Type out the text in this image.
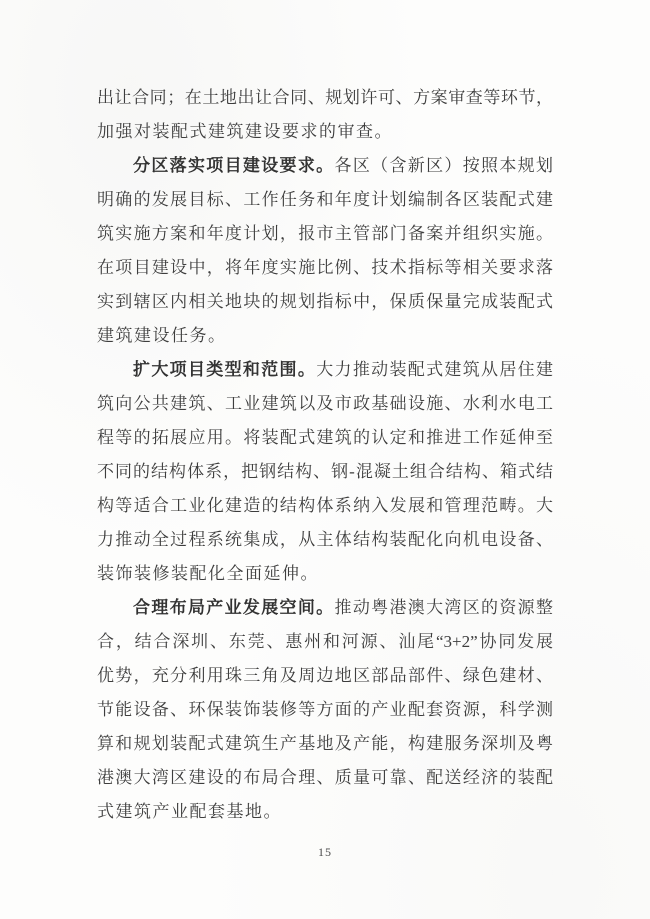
出让合同；在土地出让合同、规划许可、方案审查等环节，
加强对装配式建筑建设要求的审查。
分区落实项目建设要求。各区（含新区）按照本规划
明确的发展目标、工作任务和年度计划编制各区装配式建
筑实施方案和年度计划，报市主管部门备案并组织实施。
在项目建设中，将年度实施比例、技术指标等相关要求落
实到辖区内相关地块的规划指标中，保质保量完成装配式
建筑建设任务。
扩大项目类型和范围。大力推动装配式建筑从居住建
筑向公共建筑、工业建筑以及市政基础设施、水利水电工
程等的拓展应用。将装配式建筑的认定和推进工作延伸至
不同的结构体系，把钢结构、钢-混凝土组合结构、箱式结
构等适合工业化建造的结构体系纳入发展和管理范畴。大
力推动全过程系统集成，从主体结构装配化向机电设备、
装饰装修装配化全面延伸。
合理布局产业发展空间。推动粤港澳大湾区的资源整
合，结合深圳、东莞、惠州和河源、汕尾“3+2”协同发展
优势，充分利用珠三角及周边地区部品部件、绿色建材、
节能设备、环保装饰装修等方面的产业配套资源，科学测
算和规划装配式建筑生产基地及产能，构建服务深圳及粤
港澳大湾区建设的布局合理、质量可靠、配送经济的装配
式建筑产业配套基地。
15
